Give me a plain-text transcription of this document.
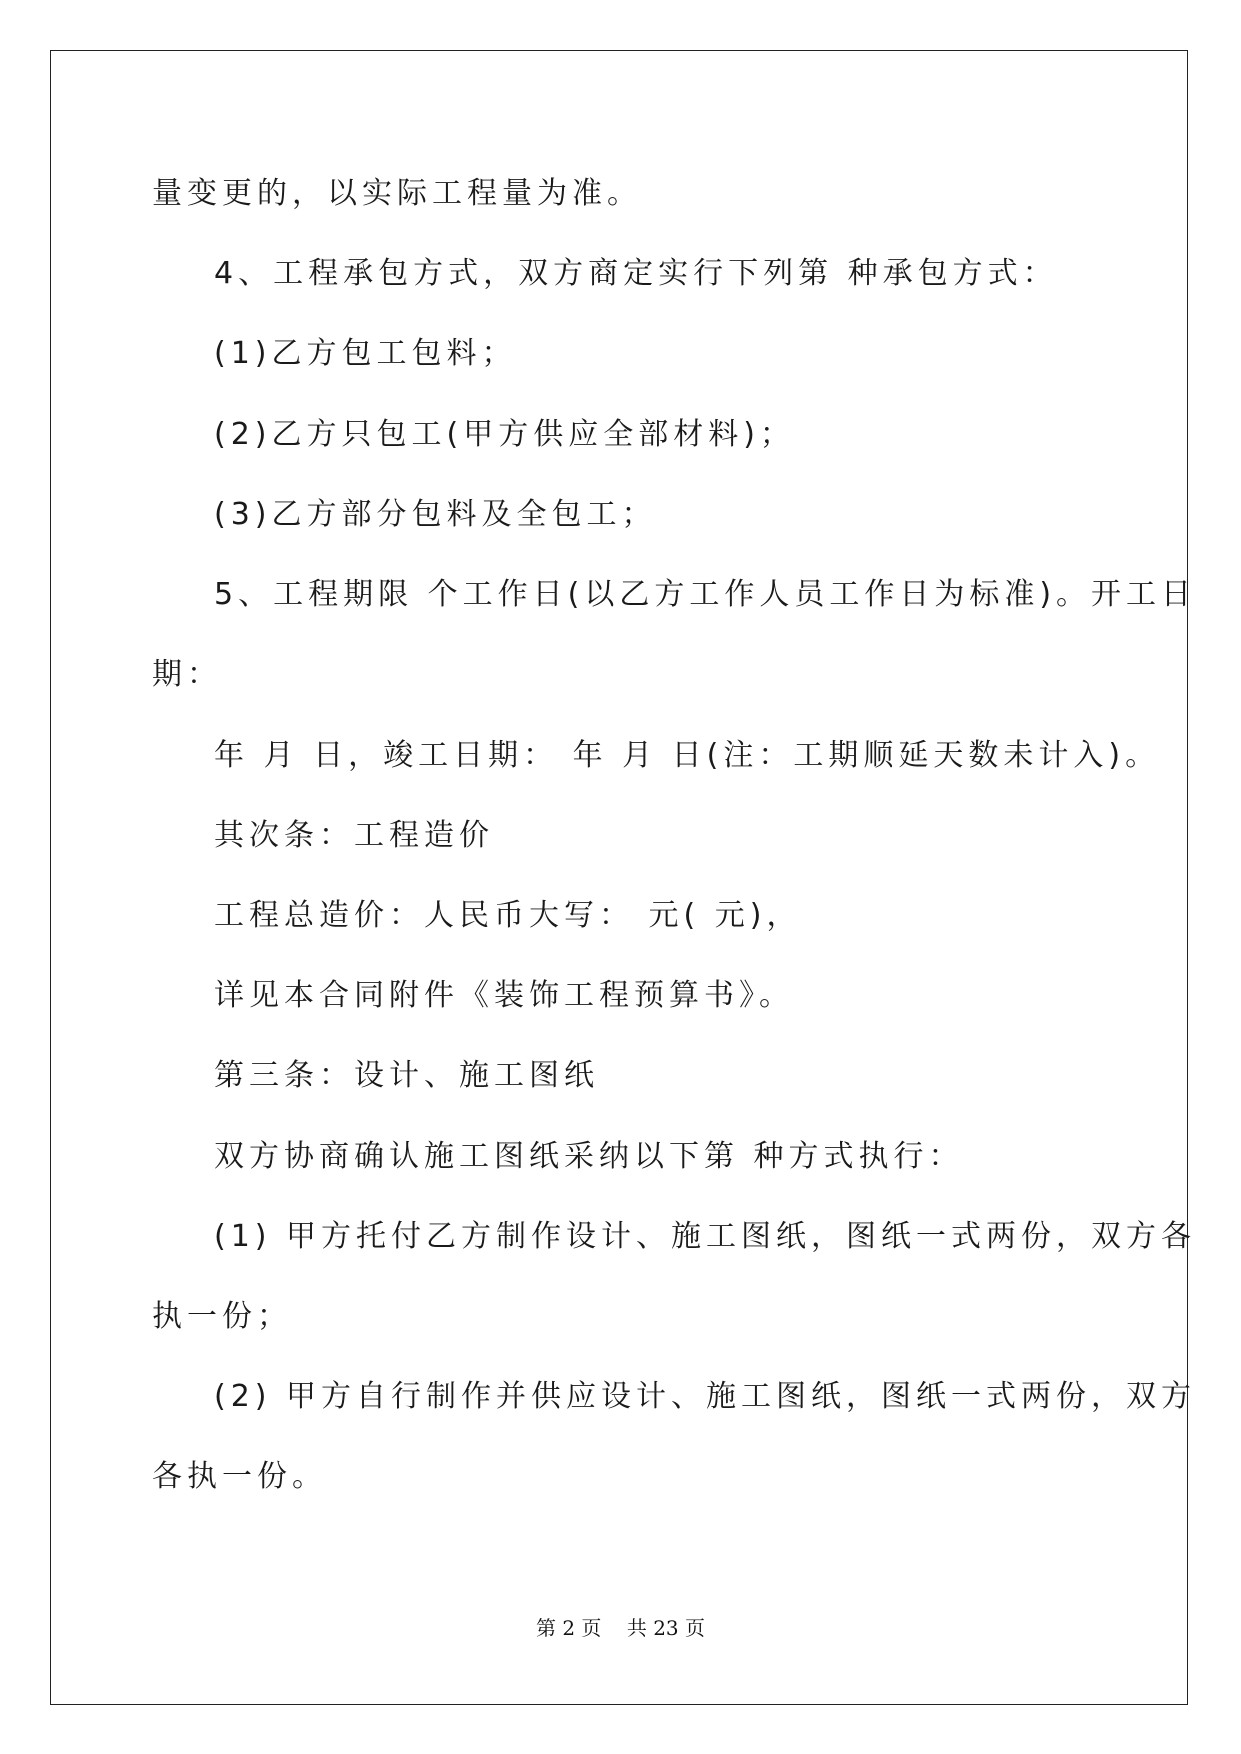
量变更的，以实际工程量为准。
4、工程承包方式，双方商定实行下列第 种承包方式：
(1)乙方包工包料；
(2)乙方只包工(甲方供应全部材料)；
(3)乙方部分包料及全包工；
5、工程期限 个工作日(以乙方工作人员工作日为标准)。开工日
期：
年 月 日，竣工日期： 年 月 日(注：工期顺延天数未计入)。
其次条：工程造价
工程总造价：人民币大写： 元( 元)，
详见本合同附件《装饰工程预算书》。
第三条：设计、施工图纸
双方协商确认施工图纸采纳以下第 种方式执行：
(1) 甲方托付乙方制作设计、施工图纸，图纸一式两份，双方各
执一份；
(2) 甲方自行制作并供应设计、施工图纸，图纸一式两份，双方
各执一份。
第 2 页    共 23 页
